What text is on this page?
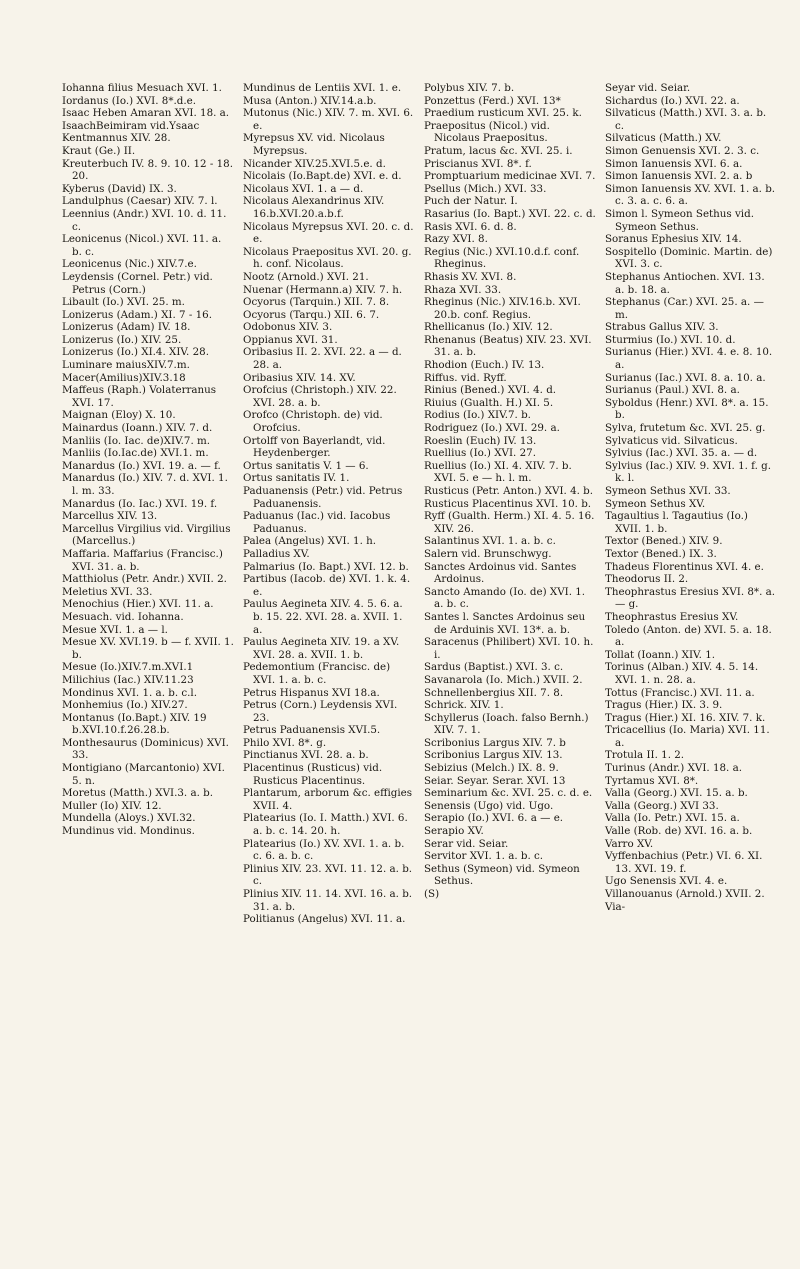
Iohanna filius Mesuach XVI. 1.
Iordanus (Io.) XVI. 8*.d.e.
Isaac Heben Amaran XVI. 18. a.
IsaachBeimiram vid.Ysaac
Kentmannus XIV. 28.
Kraut (Ge.) II.
Kreuterbuch IV. 8. 9. 10. 12 - 18. 20.
Kyberus (David) IX. 3.
Landulphus (Caesar) XIV. 7. l.
Leennius (Andr.) XVI. 10. d. 11. c.
Leonicenus (Nicol.) XVI. 11. a. b. c.
Leonicenus (Nic.) XIV.7.e.
Leydensis (Cornel. Petr.) vid. Petrus (Corn.)
Libault (Io.) XVI. 25. m.
Lonizerus (Adam.) XI. 7 - 16.
Lonizerus (Adam) IV. 18.
Lonizerus (Io.) XIV. 25.
Lonizerus (Io.) XI.4. XIV. 28.
Luminare maiusXIV.7.m.
Macer(Amilius)XIV.3.18
Maffeus (Raph.) Volaterranus XVI. 17.
Maignan (Eloy) X. 10.
Mainardus (Ioann.) XIV. 7. d.
Manliis (Io. Iac. de)XIV.7. m.
Manliis (Io.Iac.de) XVI.1. m.
Manardus (Io.) XVI. 19. a. — f.
Manardus (Io.) XIV. 7. d. XVI. 1. l. m. 33.
Manardus (Io. Iac.) XVI. 19. f.
Marcellus XIV. 13.
Marcellus Virgilius vid. Virgilius (Marcellus.)
Maffaria. Maffarius (Francisc.) XVI. 31. a. b.
Matthiolus (Petr. Andr.) XVII. 2.
Meletius XVI. 33.
Menochius (Hier.) XVI. 11. a.
Mesuach. vid. Iohanna.
Mesue XVI. 1. a — l.
Mesue XV. XVI.19. b — f. XVII. 1. b.
Mesue (Io.)XIV.7.m.XVI.1
Milichius (Iac.) XIV.11.23
Mondinus XVI. 1. a. b. c.l.
Monhemius (Io.) XIV.27.
Montanus (Io.Bapt.) XIV. 19 b.XVI.10.f.26.28.b.
Monthesaurus (Dominicus) XVI. 33.
Montigiano (Marcantonio) XVI. 5. n.
Moretus (Matth.) XVI.3. a. b.
Muller (Io) XIV. 12.
Mundella (Aloys.) XVI.32.
Mundinus vid. Mondinus.
Mundinus de Lentiis XVI. 1. e.
Musa (Anton.) XIV.14.a.b.
Mutonus (Nic.) XIV. 7. m. XVI. 6. e.
Myrepsus XV. vid. Nicolaus Myrepsus.
Nicander XIV.25.XVI.5.e. d.
Nicolais (Io.Bapt.de) XVI. e. d.
Nicolaus XVI. 1. a — d.
Nicolaus Alexandrinus XIV. 16.b.XVI.20.a.b.f.
Nicolaus Myrepsus XVI. 20. c. d. e.
Nicolaus Praepositus XVI. 20. g. h. conf. Nicolaus.
Nootz (Arnold.) XVI. 21.
Nuenar (Hermann.a) XIV. 7. h.
Ocyorus (Tarquin.) XII. 7. 8.
Ocyorus (Tarqu.) XII. 6. 7.
Odobonus XIV. 3.
Oppianus XVI. 31.
Oribasius II. 2. XVI. 22. a — d. 28. a.
Oribasius XIV. 14. XV.
Orofcius (Christoph.) XIV. 22. XVI. 28. a. b.
Orofco (Christoph. de) vid. Orofcius.
Ortolff von Bayerlandt, vid. Heydenberger.
Ortus sanitatis V. 1 — 6.
Ortus sanitatis IV. 1.
Paduanensis (Petr.) vid. Petrus Paduanensis.
Paduanus (Iac.) vid. Iacobus Paduanus.
Palea (Angelus) XVI. 1. h.
Palladius XV.
Palmarius (Io. Bapt.) XVI. 12. b.
Partibus (Iacob. de) XVI. 1. k. 4. e.
Paulus Aegineta XIV. 4. 5. 6. a. b. 15. 22. XVI. 28. a. XVII. 1. a.
Paulus Aegineta XIV. 19. a XV. XVI. 28. a. XVII. 1. b.
Pedemontium (Francisc. de) XVI. 1. a. b. c.
Petrus Hispanus XVI 18.a.
Petrus (Corn.) Leydensis XVI. 23.
Petrus Paduanensis XVI.5.
Philo XVI. 8*. g.
Pinctianus XVI. 28. a. b.
Placentinus (Rusticus) vid. Rusticus Placentinus.
Plantarum, arborum &c. effigies XVII. 4.
Platearius (Io. I. Matth.) XVI. 6. a. b. c. 14. 20. h.
Platearius (Io.) XV. XVI. 1. a. b. c. 6. a. b. c.
Plinius XIV. 23. XVI. 11. 12. a. b. c.
Plinius XIV. 11. 14. XVI. 16. a. b. 31. a. b.
Politianus (Angelus) XVI. 11. a.
Polybus XIV. 7. b.
Ponzettus (Ferd.) XVI. 13*
Praedium rusticum XVI. 25. k.
Praepositus (Nicol.) vid. Nicolaus Praepositus.
Pratum, lacus &c. XVI. 25. i.
Priscianus XVI. 8*. f.
Promptuarium medicinae XVI. 7.
Psellus (Mich.) XVI. 33.
Puch der Natur. I.
Rasarius (Io. Bapt.) XVI. 22. c. d.
Rasis XVI. 6. d. 8.
Razy XVI. 8.
Regius (Nic.) XVI.10.d.f. conf. Rheginus.
Rhasis XV. XVI. 8.
Rhaza XVI. 33.
Rheginus (Nic.) XIV.16.b. XVI. 20.b. conf. Regius.
Rhellicanus (Io.) XIV. 12.
Rhenanus (Beatus) XIV. 23. XVI. 31. a. b.
Rhodion (Euch.) IV. 13.
Riffus. vid. Ryff.
Rinius (Bened.) XVI. 4. d.
Riuius (Gualth. H.) XI. 5.
Rodius (Io.) XIV.7. b.
Rodriguez (Io.) XVI. 29. a.
Roeslin (Euch) IV. 13.
Ruellius (Io.) XVI. 27.
Ruellius (Io.) XI. 4. XIV. 7. b. XVI. 5. e — h. l. m.
Rusticus (Petr. Anton.) XVI. 4. b.
Rusticus Placentinus XVI. 10. b.
Ryff (Gualth. Herm.) XI. 4. 5. 16. XIV. 26.
Salantinus XVI. 1. a. b. c.
Salern vid. Brunschwyg.
Sanctes Ardoinus vid. Santes Ardoinus.
Sancto Amando (Io. de) XVI. 1. a. b. c.
Santes l. Sanctes Ardoinus seu de Arduinis XVI. 13*. a. b.
Saracenus (Philibert) XVI. 10. h. i.
Sardus (Baptist.) XVI. 3. c.
Savanarola (Io. Mich.) XVII. 2.
Schnellenbergius XII. 7. 8.
Schrick. XIV. 1.
Schyllerus (Ioach. falso Bernh.) XIV. 7. 1.
Scribonius Largus XIV. 7. b
Scribonius Largus XIV. 13.
Sebizius (Melch.) IX. 8. 9.
Seiar. Seyar. Serar. XVI. 13
Seminarium &c. XVI. 25. c. d. e.
Senensis (Ugo) vid. Ugo.
Serapio (Io.) XVI. 6. a — e.
Serapio XV.
Serar vid. Seiar.
Servitor XVI. 1. a. b. c.
Sethus (Symeon) vid. Symeon Sethus.
(S)
Seyar vid. Seiar.
Sichardus (Io.) XVI. 22. a.
Silvaticus (Matth.) XVI. 3. a. b. c.
Silvaticus (Matth.) XV.
Simon Genuensis XVI. 2. 3. c.
Simon Ianuensis XVI. 6. a.
Simon Ianuensis XVI. 2. a. b
Simon Ianuensis XV. XVI. 1. a. b. c. 3. a. c. 6. a.
Simon l. Symeon Sethus vid. Symeon Sethus.
Soranus Ephesius XIV. 14.
Sospitello (Dominic. Martin. de) XVI. 3. c.
Stephanus Antiochen. XVI. 13. a. b. 18. a.
Stephanus (Car.) XVI. 25. a. — m.
Strabus Gallus XIV. 3.
Sturmius (Io.) XVI. 10. d.
Surianus (Hier.) XVI. 4. e. 8. 10. a.
Surianus (Iac.) XVI. 8. a. 10. a.
Surianus (Paul.) XVI. 8. a.
Syboldus (Henr.) XVI. 8*. a. 15. b.
Sylva, frutetum &c. XVI. 25. g.
Sylvaticus vid. Silvaticus.
Sylvius (Iac.) XVI. 35. a. — d.
Sylvius (Iac.) XIV. 9. XVI. 1. f. g. k. l.
Symeon Sethus XVI. 33.
Symeon Sethus XV.
Tagaultius l. Tagautius (Io.) XVII. 1. b.
Textor (Bened.) XIV. 9.
Textor (Bened.) IX. 3.
Thadeus Florentinus XVI. 4. e.
Theodorus II. 2.
Theophrastus Eresius XVI. 8*. a. — g.
Theophrastus Eresius XV.
Toledo (Anton. de) XVI. 5. a. 18. a.
Tollat (Ioann.) XIV. 1.
Torinus (Alban.) XIV. 4. 5. 14. XVI. 1. n. 28. a.
Tottus (Francisc.) XVI. 11. a.
Tragus (Hier.) IX. 3. 9.
Tragus (Hier.) XI. 16. XIV. 7. k.
Tricacellius (Io. Maria) XVI. 11. a.
Trotula II. 1. 2.
Turinus (Andr.) XVI. 18. a.
Tyrtamus XVI. 8*.
Valla (Georg.) XVI. 15. a. b.
Valla (Georg.) XVI 33.
Valla (Io. Petr.) XVI. 15. a.
Valle (Rob. de) XVI. 16. a. b.
Varro XV.
Vyffenbachius (Petr.) VI. 6. XI. 13. XVI. 19. f.
Ugo Senensis XVI. 4. e.
Villanouanus (Arnold.) XVII. 2.
Via-
